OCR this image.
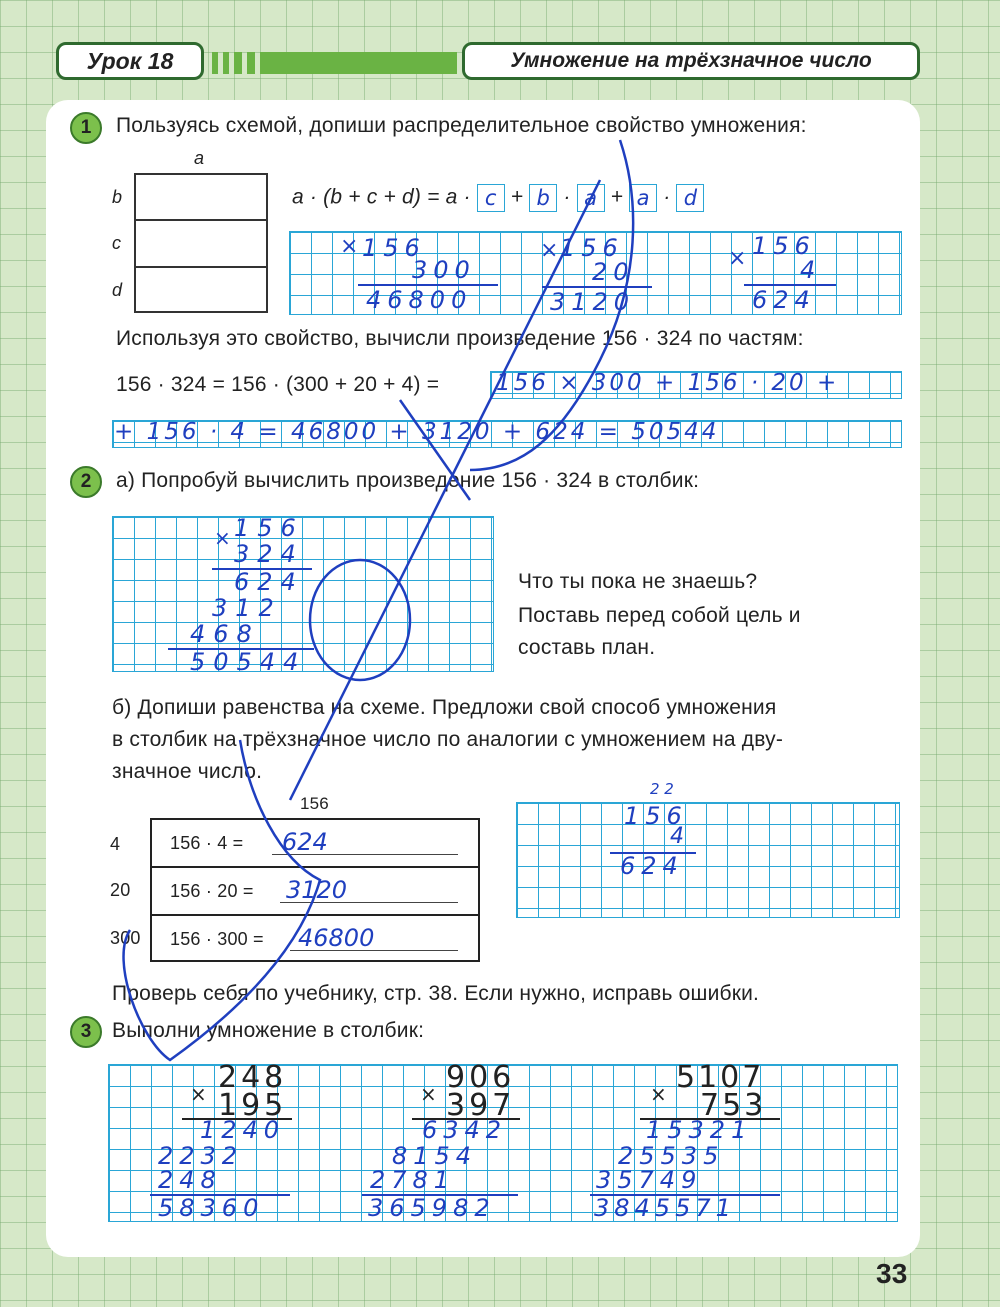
Урок 18	Умножение на трёхзначное число
1	Пользуясь схемой, допиши распределительное свойство умножения:
a
b
c
d
a · (b + c + d) = a · c + b · a + a · d
× 156
300
46800
× 156
20
3120
× 156
4
624
Используя это свойство, вычисли произведение 156 · 324 по частям:
156 · 324 = 156 · (300 + 20 + 4) = 156 × 300 + 156 · 20 +
+ 156 · 4 = 46800 + 3120 + 624 = 50544
2	а) Попробуй вычислить произведение 156 · 324 в столбик:
× 156
324
624
312
468
50544
Что ты пока не знаешь?
Поставь перед собой цель и
составь план.
б) Допиши равенства на схеме. Предложи свой способ умножения
в столбик на трёхзначное число по аналогии с умножением на дву-
значное число.
156
156 · 4 = 624
156 · 20 = 3120
156 · 300 = 46800
4
20
300
2 2
156
4
624
Проверь себя по учебнику, стр. 38. Если нужно, исправь ошибки.
3 Выполни умножение в столбик:
× 248
195
1240
2232
248
58360
× 906
397
6342
8154
2781
365982
× 5107
753
15321
25535
35749
3845571
33
